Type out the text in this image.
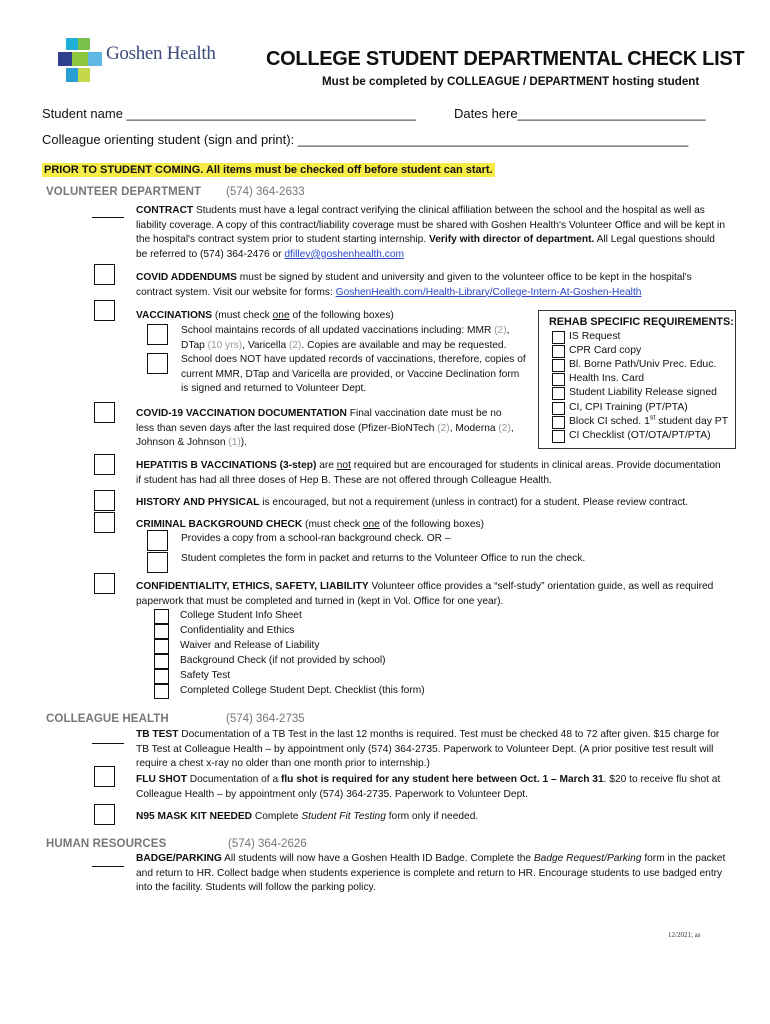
Goshen Health	COLLEGE STUDENT DEPARTMENTAL CHECK LIST
Must be completed by COLLEAGUE / DEPARTMENT hosting student
Student name ________________________________________	Dates here__________________________
Colleague orienting student (sign and print): ______________________________________________________
PRIOR TO STUDENT COMING. All items must be checked off before student can start.
VOLUNTEER DEPARTMENT (574) 364-2633
CONTRACT Students must have a legal contract verifying the clinical affiliation between the school and the hospital as well as liability coverage. A copy of this contract/liability coverage must be shared with Goshen Health's Volunteer Office and will be kept in the hospital's contract system prior to student starting internship. Verify with director of department. All Legal questions should be referred to (574) 364-2476 or dfilley@goshenhealth.com
COVID ADDENDUMS must be signed by student and university and given to the volunteer office to be kept in the hospital's contract system. Visit our website for forms: GoshenHealth.com/Health-Library/College-Intern-At-Goshen-Health
VACCINATIONS (must check one of the following boxes)
School maintains records of all updated vaccinations including: MMR (2),
DTap (10 yrs), Varicella (2). Copies are available and may be requested.
School does NOT have updated records of vaccinations, therefore, copies of current MMR, DTap and Varicella are provided, or Vaccine Declination form is signed and returned to Volunteer Dept.
COVID-19 VACCINATION DOCUMENTATION Final vaccination date must be no less than seven days after the last required dose (Pfizer-BioNTech (2), Moderna (2), Johnson & Johnson (1)).
REHAB SPECIFIC REQUIREMENTS:
IS Request
CPR Card copy
Bl. Borne Path/Univ Prec. Educ.
Health Ins. Card
Student Liability Release signed
CI, CPI Training (PT/PTA)
Block CI sched. 1st student day PT
CI Checklist (OT/OTA/PT/PTA)
HEPATITIS B VACCINATIONS (3-step) are not required but are encouraged for students in clinical areas. Provide documentation if student has had all three doses of Hep B. These are not offered through Colleague Health.
HISTORY AND PHYSICAL is encouraged, but not a requirement (unless in contract) for a student. Please review contract.
CRIMINAL BACKGROUND CHECK (must check one of the following boxes)
Provides a copy from a school-ran background check. OR –
Student completes the form in packet and returns to the Volunteer Office to run the check.
CONFIDENTIALITY, ETHICS, SAFETY, LIABILITY Volunteer office provides a “self-study” orientation guide, as well as required paperwork that must be completed and turned in (kept in Vol. Office for one year).
College Student Info Sheet
Confidentiality and Ethics
Waiver and Release of Liability
Background Check (if not provided by school)
Safety Test
Completed College Student Dept. Checklist (this form)
COLLEAGUE HEALTH	(574) 364-2735
TB TEST Documentation of a TB Test in the last 12 months is required. Test must be checked 48 to 72 after given. $15 charge for TB Test at Colleague Health – by appointment only (574) 364-2735. Paperwork to Volunteer Dept. (A prior positive test result will require a chest x-ray no older than one month prior to internship.)
FLU SHOT Documentation of a flu shot is required for any student here between Oct. 1 – March 31. $20 to receive flu shot at Colleague Health – by appointment only (574) 364-2735. Paperwork to Volunteer Dept.
N95 MASK KIT NEEDED Complete Student Fit Testing form only if needed.
HUMAN RESOURCES	(574) 364-2626
BADGE/PARKING All students will now have a Goshen Health ID Badge. Complete the Badge Request/Parking form in the packet and return to HR. Collect badge when students experience is complete and return to HR. Encourage students to use badged entry into the facility. Students will follow the parking policy.
12/2021; as
